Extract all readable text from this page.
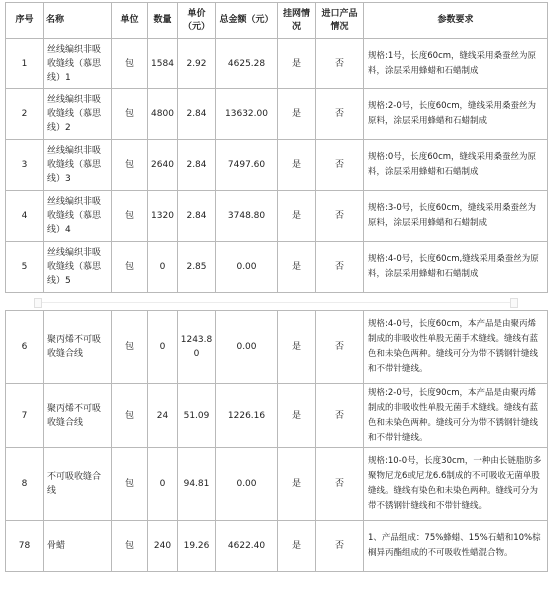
序号	名称	单位	数量	单价（元）	总金额（元）	挂网情况	进口产品情况	参数要求
1	丝线编织非吸收缝线（慕思线）1	包	1584	2.92	4625.28	是	否	规格:1号，长度60cm，缝线采用桑蚕丝为原料，涂层采用蜂蜡和石蜡制成
2	丝线编织非吸收缝线（慕思线）2	包	4800	2.84	13632.00	是	否	规格:2-0号，长度60cm，缝线采用桑蚕丝为原料，涂层采用蜂蜡和石蜡制成
3	丝线编织非吸收缝线（慕思线）3	包	2640	2.84	7497.60	是	否	规格:0号，长度60cm，缝线采用桑蚕丝为原料，涂层采用蜂蜡和石蜡制成
4	丝线编织非吸收缝线（慕思线）4	包	1320	2.84	3748.80	是	否	规格:3-0号，长度60cm，缝线采用桑蚕丝为原料，涂层采用蜂蜡和石蜡制成
5	丝线编织非吸收缝线（慕思线）5	包	0	2.85	0.00	是	否	规格:4-0号，长度60cm,缝线采用桑蚕丝为原料，涂层采用蜂蜡和石蜡制成
6	聚丙烯不可吸收缝合线	包	0	1243.80	0.00	是	否	规格:4-0号，长度60cm，本产品是由聚丙烯制成的非吸收性单股无菌手术缝线。缝线有蓝色和未染色两种。缝线可分为带不锈钢针缝线和不带针缝线。
7	聚丙烯不可吸收缝合线	包	24	51.09	1226.16	是	否	规格:2-0号，长度90cm，本产品是由聚丙烯制成的非吸收性单股无菌手术缝线。缝线有蓝色和未染色两种。缝线可分为带不锈钢针缝线和不带针缝线。
8	不可吸收缝合线	包	0	94.81	0.00	是	否	规格:10-0号，长度30cm，一种由长链脂肪多聚物尼龙6或尼龙6.6制成的不可吸收无菌单股缝线。缝线有染色和未染色两种。缝线可分为带不锈钢针缝线和不带针缝线。
78	骨蜡	包	240	19.26	4622.40	是	否	1、产品组成：75%蜂蜡、15%石蜡和10%棕榈异丙酯组成的不可吸收性蜡混合物。
